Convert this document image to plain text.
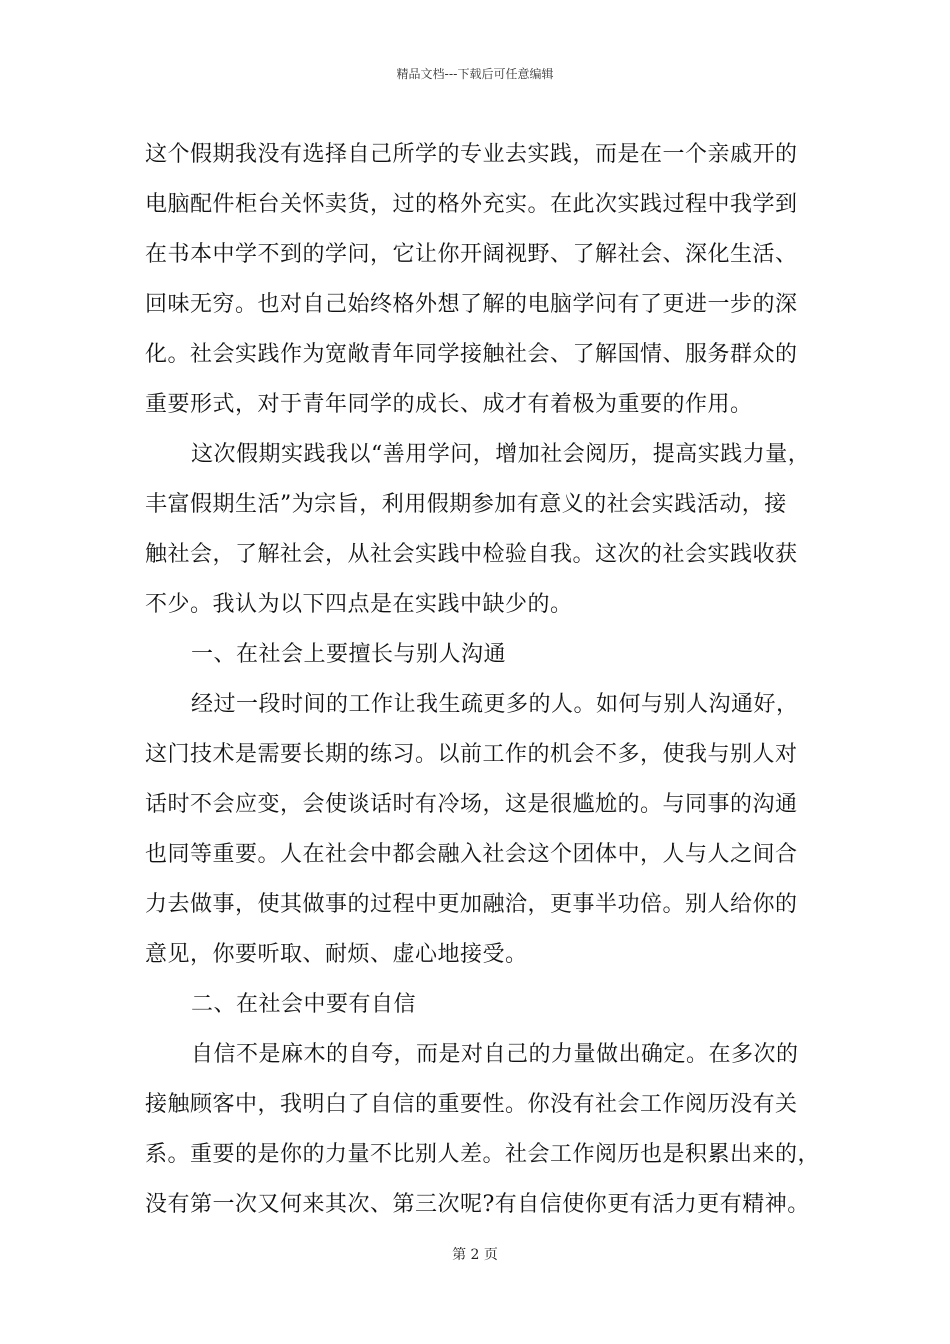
精品文档---下载后可任意编辑
这个假期我没有选择自己所学的专业去实践，而是在一个亲戚开的
电脑配件柜台关怀卖货，过的格外充实。在此次实践过程中我学到
在书本中学不到的学问，它让你开阔视野、了解社会、深化生活、
回味无穷。也对自己始终格外想了解的电脑学问有了更进一步的深
化。社会实践作为宽敞青年同学接触社会、了解国情、服务群众的
重要形式，对于青年同学的成长、成才有着极为重要的作用。
这次假期实践我以“善用学问，增加社会阅历，提高实践力量，
丰富假期生活”为宗旨，利用假期参加有意义的社会实践活动，接
触社会，了解社会，从社会实践中检验自我。这次的社会实践收获
不少。我认为以下四点是在实践中缺少的。
一、在社会上要擅长与别人沟通
经过一段时间的工作让我生疏更多的人。如何与别人沟通好，
这门技术是需要长期的练习。以前工作的机会不多，使我与别人对
话时不会应变，会使谈话时有冷场，这是很尴尬的。与同事的沟通
也同等重要。人在社会中都会融入社会这个团体中，人与人之间合
力去做事，使其做事的过程中更加融洽，更事半功倍。别人给你的
意见，你要听取、耐烦、虚心地接受。
二、在社会中要有自信
自信不是麻木的自夸，而是对自己的力量做出确定。在多次的
接触顾客中，我明白了自信的重要性。你没有社会工作阅历没有关
系。重要的是你的力量不比别人差。社会工作阅历也是积累出来的，
没有第一次又何来其次、第三次呢?有自信使你更有活力更有精神。
第 2 页
